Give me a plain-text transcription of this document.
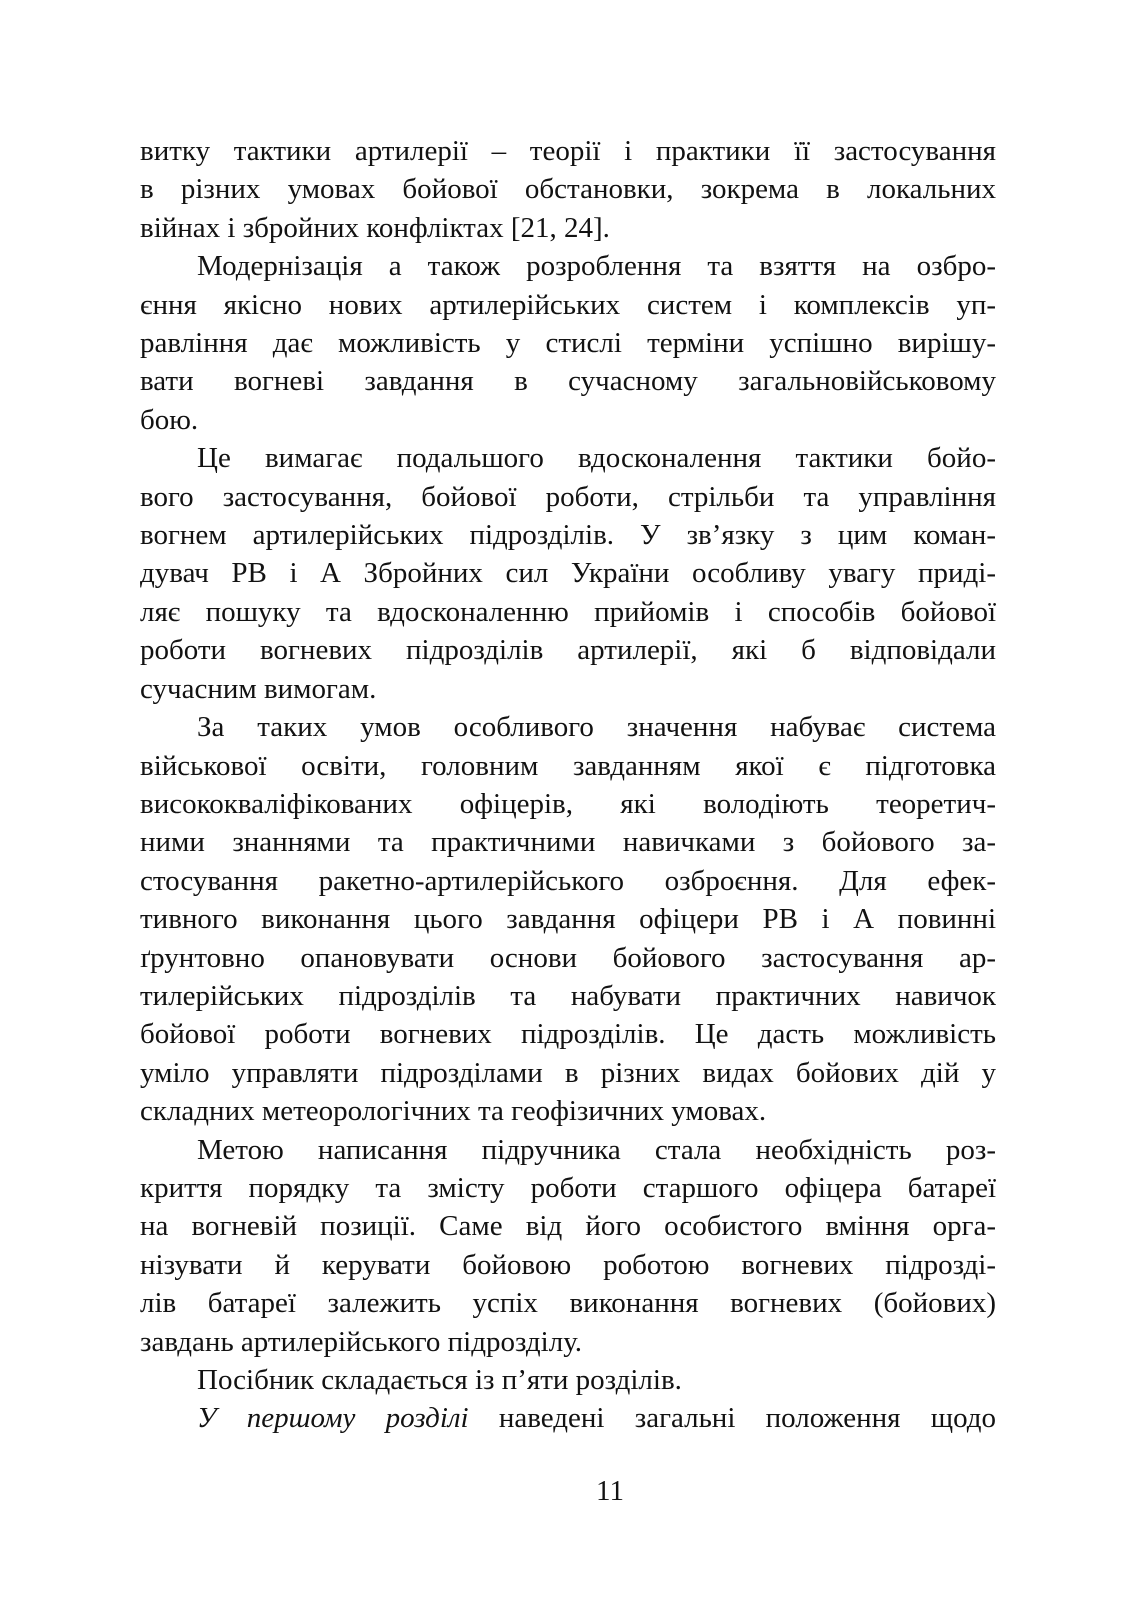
витку тактики артилерії – теорії і практики її застосування
в різних умовах бойової обстановки, зокрема в локальних
війнах і збройних конфліктах [21, 24].
Модернізація а також розроблення та взяття на озбро-
єння якісно нових артилерійських систем і комплексів уп-
равління дає можливість у стислі терміни успішно вирішу-
вати вогневі завдання в сучасному загальновійськовому
бою.
Це вимагає подальшого вдосконалення тактики бойо-
вого застосування, бойової роботи, стрільби та управління
вогнем артилерійських підрозділів. У зв’язку з цим коман-
дувач РВ і А Збройних сил України особливу увагу приді-
ляє пошуку та вдосконаленню прийомів і способів бойової
роботи вогневих підрозділів артилерії, які б відповідали
сучасним вимогам.
За таких умов особливого значення набуває система
військової освіти, головним завданням якої є підготовка
висококваліфікованих офіцерів, які володіють теоретич-
ними знаннями та практичними навичками з бойового за-
стосування ракетно-артилерійського озброєння. Для ефек-
тивного виконання цього завдання офіцери РВ і А повинні
ґрунтовно опановувати основи бойового застосування ар-
тилерійських підрозділів та набувати практичних навичок
бойової роботи вогневих підрозділів. Це дасть можливість
уміло управляти підрозділами в різних видах бойових дій у
складних метеорологічних та геофізичних умовах.
Метою написання підручника стала необхідність роз-
криття порядку та змісту роботи старшого офіцера батареї
на вогневій позиції. Саме від його особистого вміння орга-
нізувати й керувати бойовою роботою вогневих підрозді-
лів батареї залежить успіх виконання вогневих (бойових)
завдань артилерійського підрозділу.
Посібник складається із п’яти розділів.
У першому розділі наведені загальні положення щодо
11
